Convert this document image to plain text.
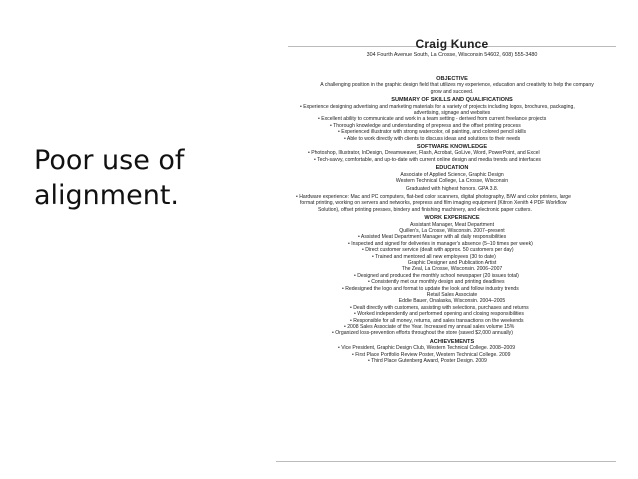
Poor use of
alignment.
Craig Kunce
304 Fourth Avenue South, La Crosse, Wisconsin 54602, 608) 555-3480
OBJECTIVE
A challenging position in the graphic design field that utilizes my experience, education and creativity to help the company
grow and succeed.
SUMMARY OF SKILLS AND QUALIFICATIONS
• Experience designing advertising and marketing materials for a variety of projects including logos, brochures, packaging,
advertising, signage and websites
• Excellent ability to communicate and work in a team setting - derived from current freelance projects
• Thorough knowledge and understanding of prepress and the offset printing process
• Experienced illustrator with strong watercolor, oil painting, and colored pencil skills
• Able to work directly with clients to discuss ideas and solutions to their needs
SOFTWARE KNOWLEDGE
• Photoshop, Illustrator, InDesign, Dreamweaver, Flash, Acrobat, GoLive, Word, PowerPoint, and Excel
• Tech-savvy, comfortable, and up-to-date with current online design and media trends and interfaces
EDUCATION
Associate of Applied Science, Graphic Design
Western Technical College, La Crosse, Wisconsin
Graduated with highest honors. GPA 3.8.
• Hardware experience: Mac and PC computers, flat-bed color scanners, digital photography, B/W and color printers, large
format printing, working on servers and networks, prepress and film imaging equipment (Kitron Xenith 4 PDF Workflow
Solution), offset printing presses, bindery and finishing machinery, and electronic paper cutters.
WORK EXPERIENCE
Assistant Manager, Meat Department
Quillen's, La Crosse, Wisconsin. 2007–present
• Assisted Meat Department Manager with all daily responsibilities
• Inspected and signed for deliveries in manager's absence (5–10 times per week)
• Direct customer service (dealt with approx. 50 customers per day)
• Trained and mentored all new employees (30 to date)
Graphic Designer and Publication Artist
The Zeal, La Crosse, Wisconsin. 2006–2007
• Designed and produced the monthly school newspaper (20 issues total)
• Consistently met our monthly design and printing deadlines
• Redesigned the logo and format to update the look and follow industry trends
Retail Sales Associate
Eddie Bauer, Onalaska, Wisconsin. 2004–2005
• Dealt directly with customers, assisting with selections, purchases and returns
• Worked independently and performed opening and closing responsibilities
• Responsible for all money, returns, and sales transactions on the weekends
• 2008 Sales Associate of the Year. Increased my annual sales volume 15%
• Organized loss-prevention efforts throughout the store (saved $2,000 annually)
ACHIEVEMENTS
• Vice President, Graphic Design Club, Western Technical College. 2008–2009
• First Place Portfolio Review Poster, Western Technical College. 2009
• Third Place Gutenberg Award, Poster Design. 2009
